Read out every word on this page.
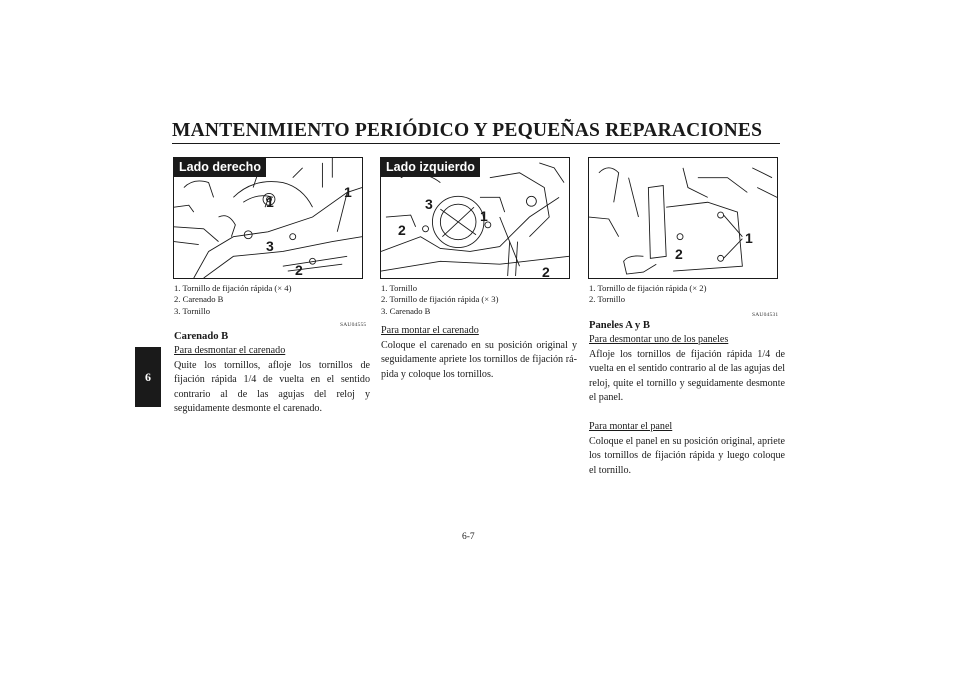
MANTENIMIENTO PERIÓDICO Y PEQUEÑAS REPARACIONES
6
Lado derecho
1
1
3
2
Lado izquierdo
3
1
2
2
1
2
1. Tornillo de fijación rápida (× 4)
2. Carenado B
3. Tornillo
1. Tornillo
2. Tornillo de fijación rápida (× 3)
3. Carenado B
1. Tornillo de fijación rápida (× 2)
2. Tornillo
SAU04555
SAU04531
Carenado B
Para desmontar el carenado

Quite los tornillos, afloje los tornillos de fijación rápida 1/4 de vuelta en el sentido contrario al de las agujas del reloj y seguidamente desmonte el carenado.

Para montar el carenado

Coloque el carenado en su posición original y seguidamente apriete los tornillos de fijación rá-pida y coloque los tornillos.

Paneles A y B
Para desmontar uno de los paneles

Afloje los tornillos de fijación rápida 1/4 de vuelta en el sentido contrario al de las agujas del reloj, quite el tornillo y seguidamente desmonte el panel.

Para montar el panel

Coloque el panel en su posición original, apriete los tornillos de fijación rápida y luego coloque el tornillo.

6-7
